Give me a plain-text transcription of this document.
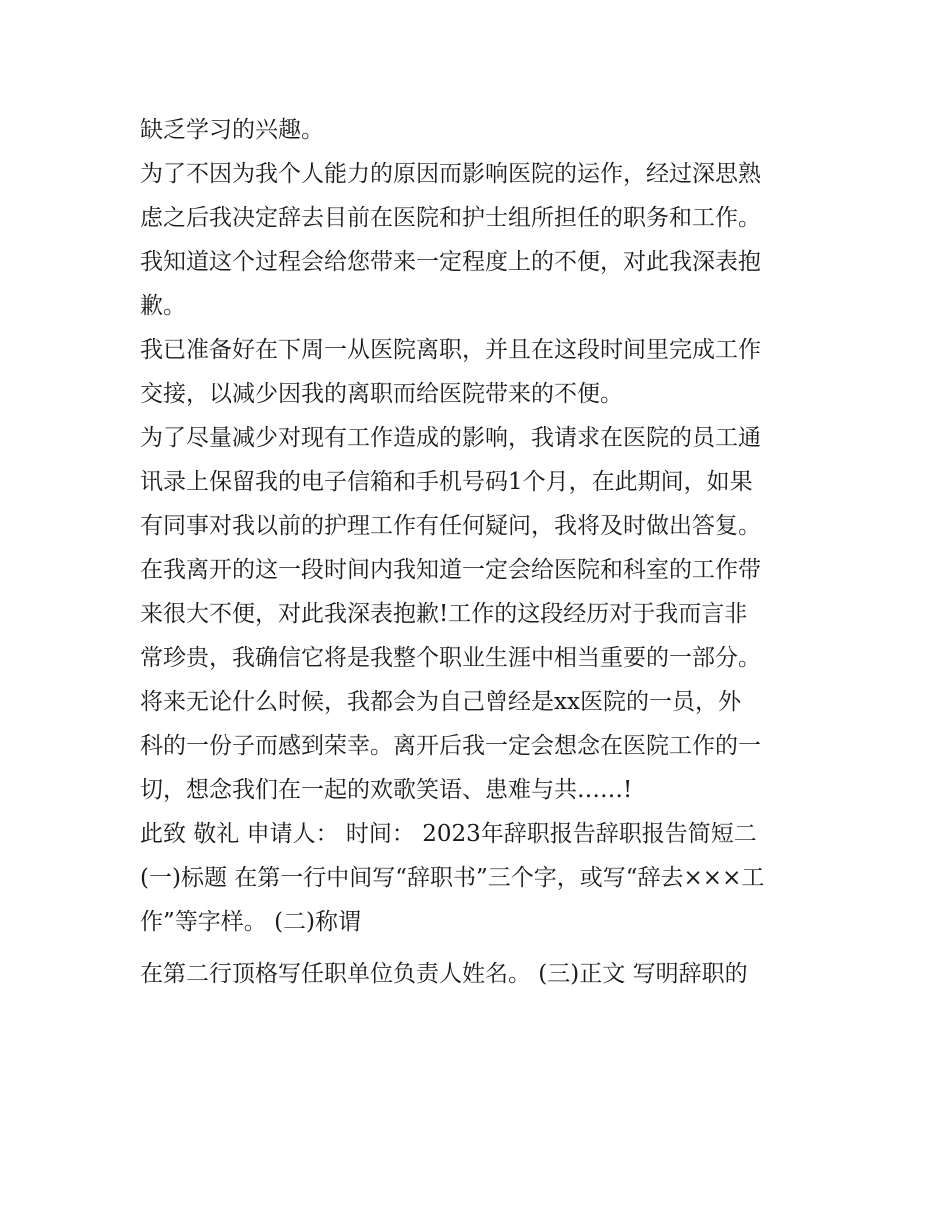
缺乏学习的兴趣。
为了不因为我个人能力的原因而影响医院的运作，经过深思熟
虑之后我决定辞去目前在医院和护士组所担任的职务和工作。
我知道这个过程会给您带来一定程度上的不便，对此我深表抱
歉。
我已准备好在下周一从医院离职，并且在这段时间里完成工作
交接，以减少因我的离职而给医院带来的不便。
为了尽量减少对现有工作造成的影响，我请求在医院的员工通
讯录上保留我的电子信箱和手机号码1个月，在此期间，如果
有同事对我以前的护理工作有任何疑问，我将及时做出答复。
在我离开的这一段时间内我知道一定会给医院和科室的工作带
来很大不便，对此我深表抱歉!工作的这段经历对于我而言非
常珍贵，我确信它将是我整个职业生涯中相当重要的一部分。
将来无论什么时候，我都会为自己曾经是xx医院的一员，外
科的一份子而感到荣幸。离开后我一定会想念在医院工作的一
切，想念我们在一起的欢歌笑语、患难与共……!
此致 敬礼 申请人： 时间： 2023年辞职报告辞职报告简短二
(一)标题 在第一行中间写“辞职书”三个字，或写“辞去×××工
作”等字样。 (二)称谓
在第二行顶格写任职单位负责人姓名。 (三)正文 写明辞职的
